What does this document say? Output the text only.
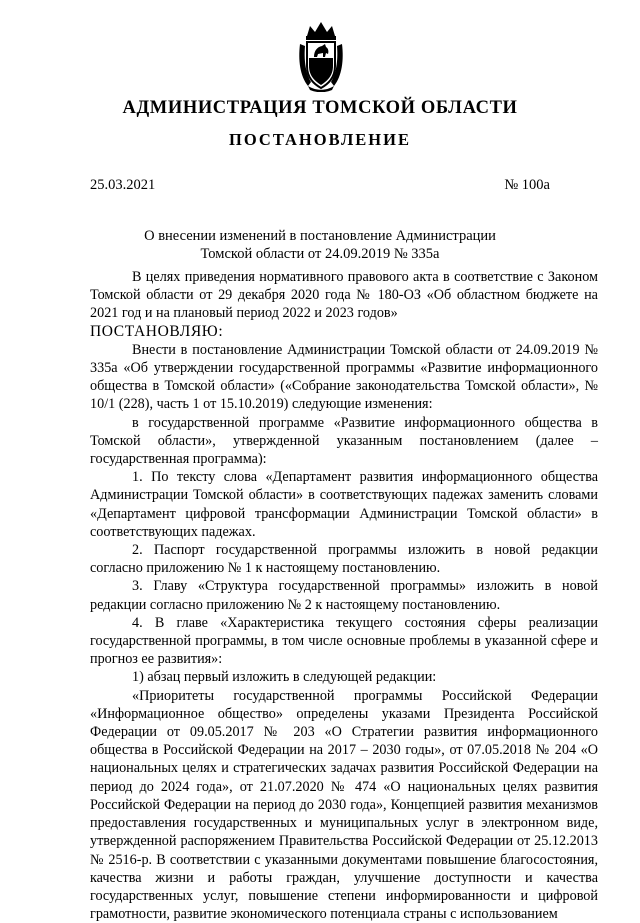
АДМИНИСТРАЦИЯ ТОМСКОЙ ОБЛАСТИ
ПОСТАНОВЛЕНИЕ
25.03.2021	№ 100а
О внесении изменений в постановление Администрации
Томской области от 24.09.2019 № 335а

В целях приведения нормативного правового акта в соответствие с Законом Томской области от 29 декабря 2020 года № 180-ОЗ «Об областном бюджете на 2021 год и на плановый период 2022 и 2023 годов»

ПОСТАНОВЛЯЮ:

Внести в постановление Администрации Томской области от 24.09.2019 № 335а «Об утверждении государственной программы «Развитие информационного общества в Томской области» («Собрание законодательства Томской области», № 10/1 (228), часть 1 от 15.10.2019) следующие изменения:

в государственной программе «Развитие информационного общества в Томской области», утвержденной указанным постановлением (далее – государственная программа):

1. По тексту слова «Департамент развития информационного общества Администрации Томской области» в соответствующих падежах заменить словами «Департамент цифровой трансформации Администрации Томской области» в соответствующих падежах.

2. Паспорт государственной программы изложить в новой редакции согласно приложению № 1 к настоящему постановлению.

3. Главу «Структура государственной программы» изложить в новой редакции согласно приложению № 2 к настоящему постановлению.

4. В главе «Характеристика текущего состояния сферы реализации государственной программы, в том числе основные проблемы в указанной сфере и прогноз ее развития»:

1) абзац первый изложить в следующей редакции:

«Приоритеты государственной программы Российской Федерации «Информационное общество» определены указами Президента Российской Федерации от 09.05.2017 № 203 «О Стратегии развития информационного общества в Российской Федерации на 2017 – 2030 годы», от 07.05.2018 № 204 «О национальных целях и стратегических задачах развития Российской Федерации на период до 2024 года», от 21.07.2020 № 474 «О национальных целях развития Российской Федерации на период до 2030 года», Концепцией развития механизмов предоставления государственных и муниципальных услуг в электронном виде, утвержденной распоряжением Правительства Российской Федерации от 25.12.2013 № 2516-р. В соответствии с указанными документами повышение благосостояния, качества жизни и работы граждан, улучшение доступности и качества государственных услуг, повышение степени информированности и цифровой грамотности, развитие экономического потенциала страны с использованием
